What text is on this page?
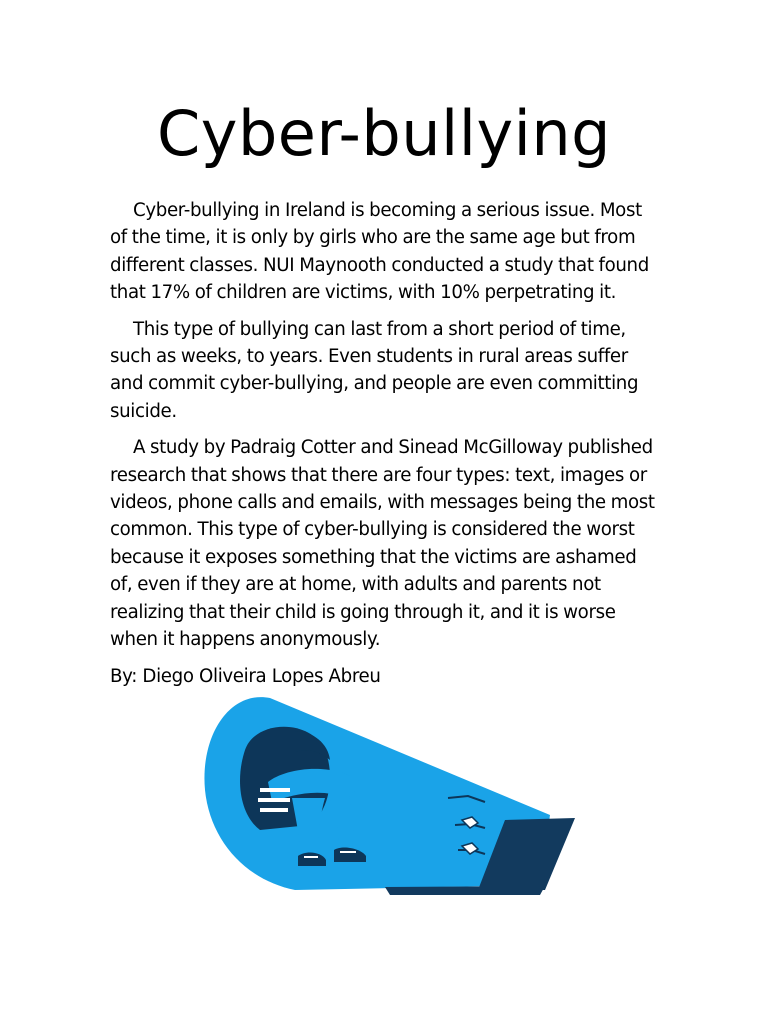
Cyber-bullying

Cyber-bullying in Ireland is becoming a serious issue. Most of the time, it is only by girls who are the same age but from different classes. NUI Maynooth conducted a study that found that 17% of children are victims, with 10% perpetrating it.

This type of bullying can last from a short period of time, such as weeks, to years. Even students in rural areas suffer and commit cyber-bullying, and people are even committing suicide.

A study by Padraig Cotter and Sinead McGilloway published research that shows that there are four types: text, images or videos, phone calls and emails, with messages being the most common. This type of cyber-bullying is considered the worst because it exposes something that the victims are ashamed of, even if they are at home, with adults and parents not realizing that their child is going through it, and it is worse when it happens anonymously.

By: Diego Oliveira Lopes Abreu
